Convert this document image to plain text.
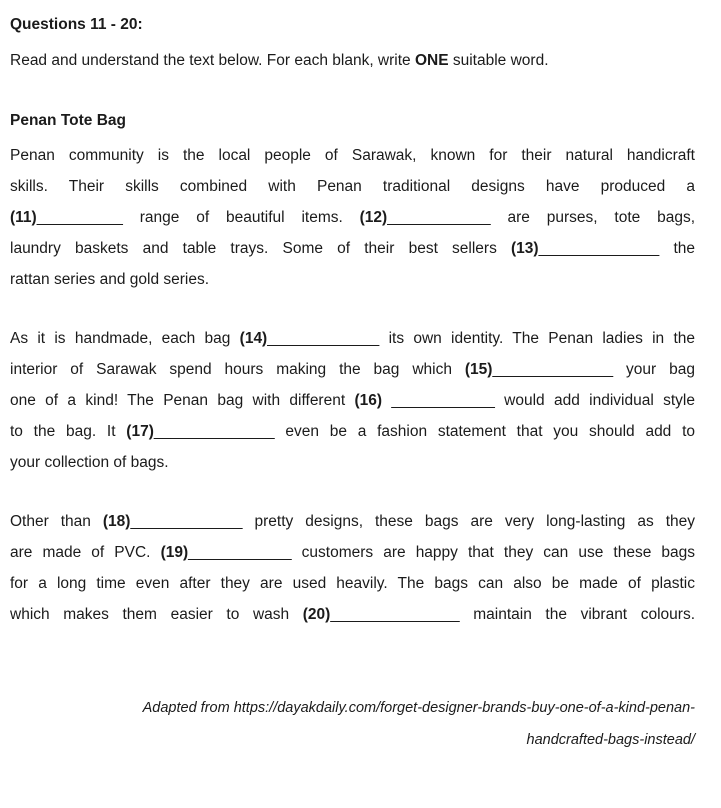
Questions 11 - 20:
Read and understand the text below. For each blank, write ONE suitable word.
Penan Tote Bag
Penan community is the local people of Sarawak, known for their natural handicraft
skills. Their skills combined with Penan traditional designs have produced a
(11)__________ range of beautiful items. (12)____________ are purses, tote bags,
laundry baskets and table trays. Some of their best sellers (13)______________ the
rattan series and gold series.
As it is handmade, each bag (14)_____________ its own identity. The Penan ladies in the
interior of Sarawak spend hours making the bag which (15)______________ your bag
one of a kind! The Penan bag with different (16) ____________ would add individual style
to the bag. It (17)______________ even be a fashion statement that you should add to
your collection of bags.
Other than (18)_____________ pretty designs, these bags are very long-lasting as they
are made of PVC. (19)____________ customers are happy that they can use these bags
for a long time even after they are used heavily. The bags can also be made of plastic
which makes them easier to wash (20)_______________ maintain the vibrant colours.
Adapted from https://dayakdaily.com/forget-designer-brands-buy-one-of-a-kind-penan-
handcrafted-bags-instead/
